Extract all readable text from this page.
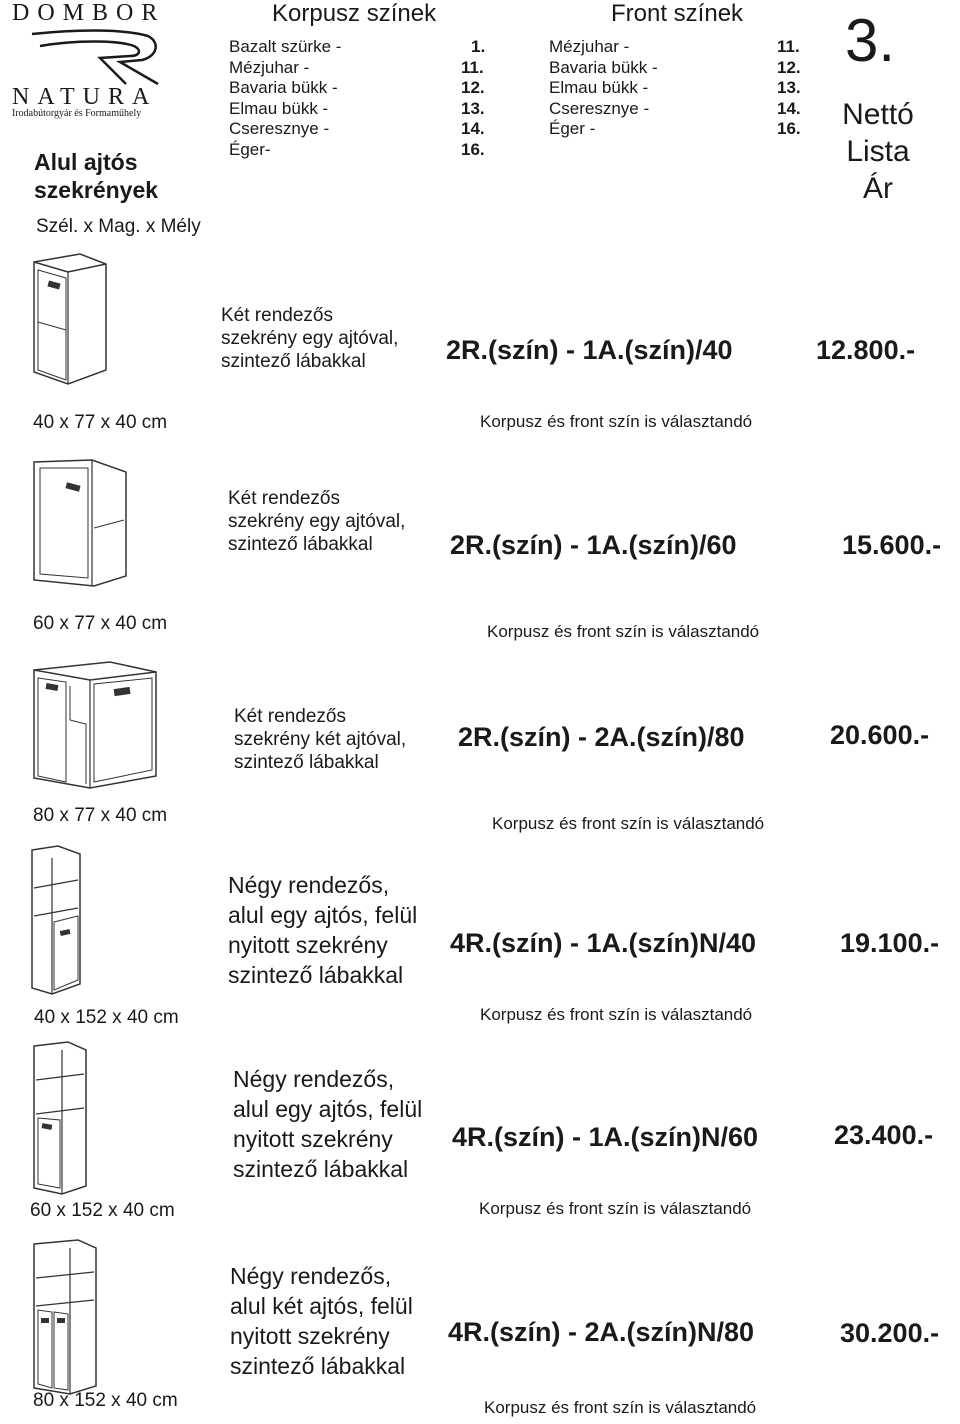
DOMBOR
NATURA
Irodabútorgyár és Formaműhely
Alul ajtós szekrények
Szél. x Mag. x Mély
Korpusz színek
Bazalt szürke -	1.
Mézjuhar -	11.
Bavaria bükk -	12.
Elmau bükk -	13.
Cseresznye -	14.
Éger-	16.
Front színek
Mézjuhar -	11.
Bavaria bükk -	12.
Elmau bükk -	13.
Cseresznye -	14.
Éger -	16.
3.
Nettó
Lista
Ár
Két rendezős
szekrény egy ajtóval,
szintező lábakkal	2R.(szín) - 1A.(szín)/40	12.800.-
40 x 77 x 40 cm	Korpusz és front szín is választandó
Két rendezős
szekrény egy ajtóval,
szintező lábakkal	2R.(szín) - 1A.(szín)/60	15.600.-
60 x 77 x 40 cm	Korpusz és front szín is választandó
Két rendezős
szekrény két ajtóval,
szintező lábakkal
2R.(szín) - 2A.(szín)/80	20.600.-
80 x 77 x 40 cm	Korpusz és front szín is választandó
Négy rendezős,
alul egy ajtós, felül
nyitott szekrény
szintező lábakkal
4R.(szín) - 1A.(szín)N/40	19.100.-
40 x 152 x 40 cm	Korpusz és front szín is választandó
Négy rendezős,
alul egy ajtós, felül
nyitott szekrény
szintező lábakkal
4R.(szín) - 1A.(szín)N/60	23.400.-
60 x 152 x 40 cm	Korpusz és front szín is választandó
Négy rendezős,
alul két ajtós, felül
nyitott szekrény
szintező lábakkal
4R.(szín) - 2A.(szín)N/80	30.200.-
80 x 152 x 40 cm	Korpusz és front szín is választandó
